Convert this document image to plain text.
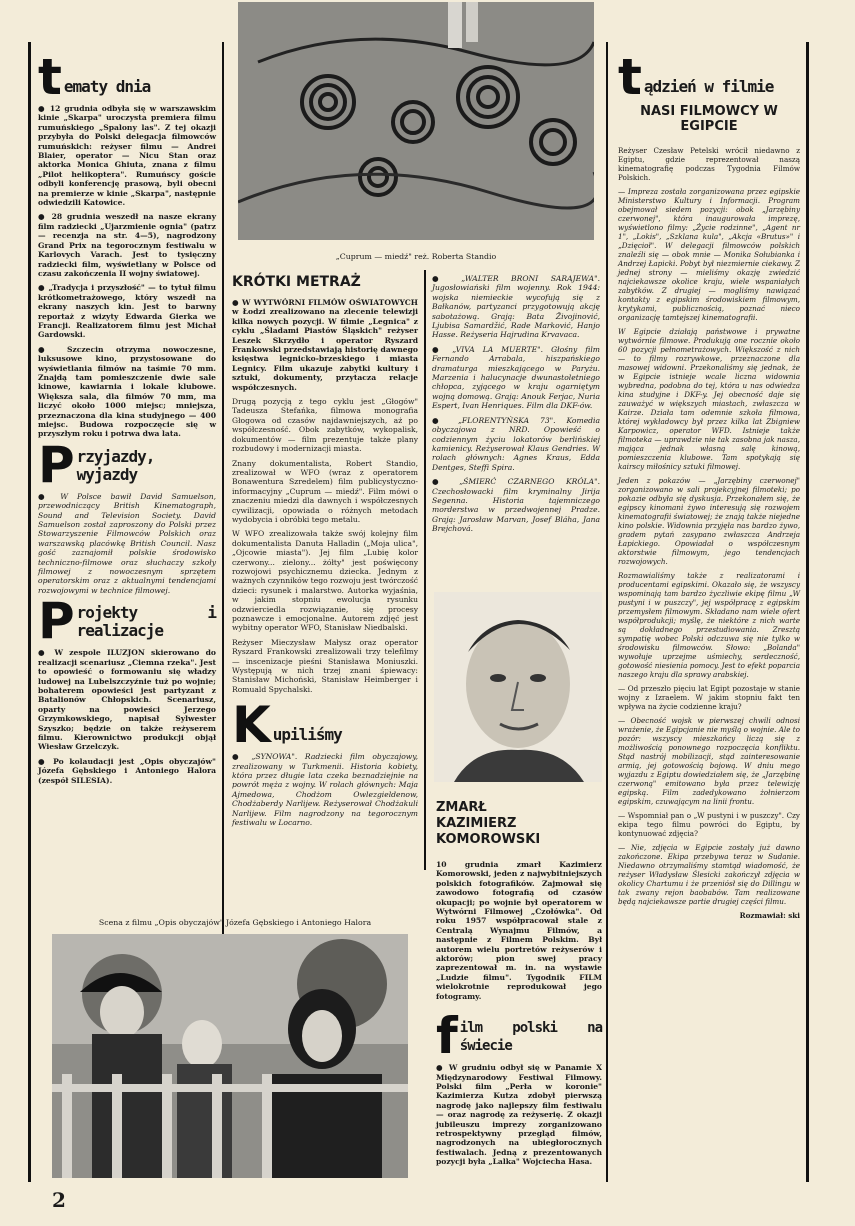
t ematy dnia

● 12 grudnia odbyła się w warszawskim kinie „Skarpa" uroczysta premiera filmu rumuńskiego „Spalony las". Z tej okazji przybyła do Polski delegacja filmowców rumuńskich: reżyser filmu — Andrei Blaier, operator — Nicu Stan oraz aktorka Monica Ghiuta, znana z filmu „Pilot helikoptera". Rumuńscy goście odbyli konferencję prasową, byli obecni na premierze w kinie „Skarpa", następnie odwiedzili Katowice.

● 28 grudnia weszedł na nasze ekrany film radziecki „Ujarzmienie ognia" (patrz — recenzja na str. 4—5), nagrodzony Grand Prix na tegorocznym festiwalu w Karlovych Varach. Jest to tysięczny radziecki film, wyświetlany w Polsce od czasu zakończenia II wojny światowej.

● „Tradycja i przyszłość" — to tytuł filmu krótkometrażowego, który wszedł na ekrany naszych kin. Jest to barwny reportaż z wizyty Edwarda Gierka we Francji. Realizatorem filmu jest Michał Gardowski.

● Szczecin otrzyma nowoczesne, luksusowe kino, przystosowane do wyświetlania filmów na taśmie 70 mm. Znajdą tam pomieszczenie dwie sale kinowe, kawiarnia i lokale klubowe. Większa sala, dla filmów 70 mm, ma liczyć około 1000 miejsc; mniejsza, przeznaczona dla kina studyjnego — 400 miejsc. Budowa rozpoczęcie się w przyszłym roku i potrwa dwa lata.

P rzyjazdy, wyjazdy

● W Polsce bawił David Samuelson, przewodniczący British Kinematograph, Sound and Television Society. David Samuelson został zaproszony do Polski przez Stowarzyszenie Filmowców Polskich oraz warszawską placówkę British Council. Nasz gość zaznajomił polskie środowisko techniczno-filmowe oraz słuchaczy szkoły filmowej z nowoczesnym sprzętem operatorskim oraz z aktualnymi tendencjami rozwojowymi w technice filmowej.

P rojekty i realizacje

● W zespole ILUZJON skierowano do realizacji scenariusz „Ciemna rzeka". Jest to opowieść o formowaniu się władzy ludowej na Lubelszczyźnie tuż po wojnie; bohaterem opowieści jest partyzant z Batalionów Chłopskich. Scenariusz, oparty na powieści Jerzego Grzymkowskiego, napisał Sylwester Szyszko; będzie on także reżyserem filmu. Kierownictwo produkcji objął Wiesław Grzelczyk.

● Po kolaudacji jest „Opis obyczajów" Józefa Gębskiego i Antoniego Halora (zespół SILESIA).

„Cuprum — miedź" reż. Roberta Standio
KRÓTKI METRAŻ

● W WYTWÓRNI FILMÓW OŚWIATOWYCH w Łodzi zrealizowano na zlecenie telewizji kilka nowych pozycji. W filmie „Legnica" z cyklu „Śladami Piastów Śląskich" reżyser Leszek Skrzydło i operator Ryszard Frankowski przedstawiają historię dawnego księstwa legnicko-brzeskiego i miasta Legnicy. Film ukazuje zabytki kultury i sztuki, dokumenty, przytacza relacje współczesnych.

Drugą pozycją z tego cyklu jest „Głogów" Tadeusza Stefańka, filmowa monografia Głogowa od czasów najdawniejszych, aż po współczesność. Obok zabytków, wykopalisk, dokumentów — film prezentuje także plany rozbudowy i modernizacji miasta.

Znany dokumentalista, Robert Standio, zrealizował w WFO (wraz z operatorem Bonawentura Szredelem) film publicystyczno-informacyjny „Cuprum — miedź". Film mówi o znaczeniu miedzi dla dawnych i współczesnych cywilizacji, opowiada o różnych metodach wydobycia i obróbki tego metalu.

W WFO zrealizowała także swój kolejny film dokumentalista Danuta Halladin („Moja ulica", „Ojcowie miasta"). Jej film „Lubię kolor czerwony... zielony... żółty" jest poświęcony rozwojowi psychicznemu dziecka. Jednym z ważnych czynników tego rozwoju jest twórczość dzieci: rysunek i malarstwo. Autorka wyjaśnia, w jakim stopniu ewolucja rysunku odzwierciedla rozwiązanie, się procesy poznawcze i emocjonalne. Autorem zdjęć jest wybitny operator WFO, Stanisław Niedbalski.

Reżyser Mieczysław Małysz oraz operator Ryszard Frankowski zrealizowali trzy telefilmy — inscenizacje pieśni Stanisława Moniuszki. Występują w nich trzej znani śpiewacy: Stanisław Michoński, Stanisław Heimberger i Romuald Spychalski.

K upiliśmy

● „SYNOWA". Radziecki film obyczajowy, zrealizowany w Turkmenii. Historia kobiety, która przez długie lata czeka beznadziejnie na powrót męża z wojny. W rolach głównych: Maja Ajmedowa, Chodżom Owlezgieldenow, Chodżaberdy Narlijew. Reżyserował Chodżakuli Narlijew. Film nagrodzony na tegorocznym festiwalu w Locarno.

● „WALTER BRONI SARAJEWA". Jugosłowiański film wojenny. Rok 1944: wojska niemieckie wycofują się z Bałkanów, partyzanci przygotowują akcję sabotażową. Grają: Bata Živojinović, Ljubisa Samardžić, Rade Marković, Hanjo Hasse. Reżyseria Hajrudina Krvavaca.

● „VIVA LA MUERTE". Głośny film Fernando Arrabala, hiszpańskiego dramaturga mieszkającego w Paryżu. Marzenia i halucynacje dwunastoletniego chłopca, zyjącego w kraju ogarniętym wojną domową. Grają: Anouk Ferjac, Nuria Espert, Ivan Henriques. Film dla DKF-ów.

● „FLORENTYŃSKA 73". Komedia obyczajowa z NRD. Opowieść o codziennym życiu lokatorów berlińskiej kamienicy. Reżyserował Klaus Gendries. W rolach głównych: Agnes Kraus, Edda Dentges, Steffi Spira.

● „ŚMIERĆ CZARNEGO KRÓLA". Czechosłowacki film kryminalny Jirija Segenna. Historia tajemniczego morderstwa w przedwojennej Pradze. Grają: Jarosław Marvan, Josef Bláha, Jana Brejchová.

ZMARŁ KAZIMIERZ KOMOROWSKI

10 grudnia zmarł Kazimierz Komorowski, jeden z najwybitniejszych polskich fotografików. Zajmował się zawodowo fotografią od czasów okupacji; po wojnie był operatorem w Wytwórni Filmowej „Czołówka". Od roku 1957 współpracował stale z Centralą Wynajmu Filmów, a następnie z Filmem Polskim. Był autorem wielu portretów reżyserów i aktorów; pion swej pracy zaprezentował m. in. na wystawie „Ludzie filmu". Tygodnik FILM wielokrotnie reprodukował jego fotogramy.

f ilm polski na świecie

● W grudniu odbył się w Panamie X Międzynarodowy Festiwal Filmowy. Polski film „Perła w koronie" Kazimierza Kutza zdobył pierwszą nagrodę jako najlepszy film festiwalu — oraz nagrodę za reżyserię. Z okazji jubileuszu imprezy zorganizowano retrospektywny przegląd filmów, nagrodzonych na ubiegłorocznych festiwalach. Jedną z prezentowanych pozycji była „Lalka" Wojciecha Hasa.

Scena z filmu „Opis obyczajów" Józefa Gębskiego i Antoniego Halora
t ądzień w filmie
NASI FILMOWCY W EGIPCIE

Reżyser Czesław Petelski wrócił niedawno z Egiptu, gdzie reprezentował naszą kinematografię podczas Tygodnia Filmów Polskich.

— Impreza została zorganizowana przez egipskie Ministerstwo Kultury i Informacji. Program obejmował siedem pozycji: obok „Jarzębiny czerwonej", która inaugurowała imprezę, wyświetlono filmy: „Życie rodzinne", „Agent nr 1", „Lokis", „Szklana kula", „Akcja «Brutus»" i „Dzięcioł". W delegacji filmowców polskich znaleźli się — obok mnie — Monika Sołubianka i Andrzej Łapicki. Pobyt był niezmiernie ciekawy. Z jednej strony — mieliśmy okazję zwiedzić najciekawsze okolice kraju, wiele wspaniałych zabytków. Z drugiej — mogliśmy nawiązać kontakty z egipskim środowiskiem filmowym, krytykami, publicznością, poznać nieco organizację tamtejszej kinematografii.

W Egipcie działają państwowe i prywatne wytwórnie filmowe. Produkują one rocznie około 60 pozycji pełnometrażowych. Większość z nich — to filmy rozrywkowe, przeznaczone dla masowej widowni. Przekonaliśmy się jednak, że w Egipcie istnieje wcale liczna widownia wybredna, podobna do tej, która u nas odwiedza kina studyjne i DKF-y. Jej obecność daje się zauważyć w większych miastach, zwłaszcza w Kairze. Działa tam odemnie szkoła filmowa, której wykładowcy był przez kilka lat Zbigniew Karpowicz, operator WFD. Istnieje także filmoteka — uprawdzie nie tak zasobna jak nasza, mająca jednak własną salę kinową, pomieszczenia klubowe. Tam spotykają się kairscy miłośnicy sztuki filmowej.

Jeden z pokazów — „Jarzębiny czerwonej" zorganizowano w sali projekcyjnej filmoteki; po pokazie odbyła się dyskusja. Przekonałem się, że egipscy kinomani żywo interesują się rozwojem kinematografii światowej; że znają także niejedne kino polskie. Widownia przyjęła nas bardzo żywo, gradem pytań zasypano zwłaszcza Andrzeja Łapickiego. Opowiadał o współczesnym aktorstwie filmowym, jego tendencjach rozwojowych.

Rozmawialiśmy także z realizatorami i producentami egipskimi. Okazało się, że wszyscy wspominają tam bardzo życzliwie ekipę filmu „W pustyni i w puszczy", jej współpracę z egipskim przemysłem filmowym. Składano nam wiele ofert współprodukcji; myślę, że niektóre z nich warte są dokładnego przestudiowania. Zresztą sympatię wobec Polski odczuwa się nie tylko w środowisku filmowców. Słowo: „Bolanda" wywołuje uprzejme uśmiechy, serdeczność, gotowość niesienia pomocy. Jest to efekt poparcia naszego kraju dla sprawy arabskiej.

— Od przeszło pięciu lat Egipt pozostaje w stanie wojny z Izraelem. W jakim stopniu fakt ten wpływa na życie codzienne kraju?

— Obecność wojsk w pierwszej chwili odnosi wrażenie, że Egipcjanie nie myślą o wojnie. Ale to pozór: wszyscy mieszkańcy liczą się z możliwością ponownego rozpoczęcia konfliktu. Stąd nastrój mobilizacji, stąd zainteresowanie armią, jej gotowością bojową. W dniu mego wyjazdu z Egiptu dowiedziałem się, że „Jarzębinę czerwoną" emitowano była przez telewizję egipską. Film zadedykowano żołnierzom egipskim, czuwającym na linii frontu.

— Wspomniał pan o „W pustyni i w puszczy". Czy ekipa tego filmu powróci do Egiptu, by kontynuować zdjęcia?

— Nie, zdjęcia w Egipcie zostały już dawno zakończone. Ekipa przebywa teraz w Sudanie. Niedawno otrzymaliśmy stamtąd wiadomość, że reżyser Władysław Ślesicki zakończył zdjęcia w okolicy Chartumu i że przeniósł się do Dillingu w tak zwany rejon baobabów. Tam realizowane będą najciekawsze partie drugiej części filmu.

Rozmawiał: ski

2
